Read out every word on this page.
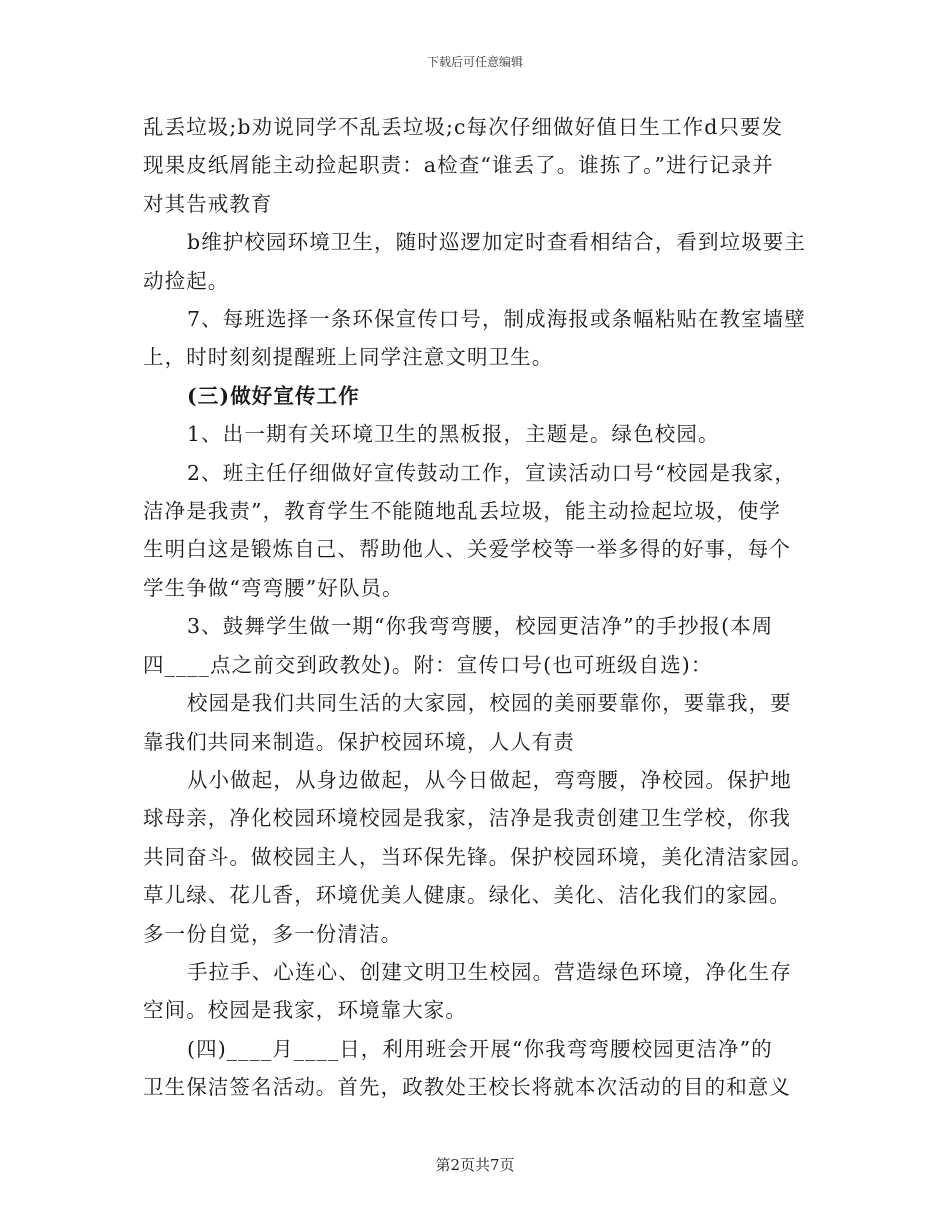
下载后可任意编辑

乱丢垃圾;b劝说同学不乱丢垃圾;c每次仔细做好值日生工作d只要发

现果皮纸屑能主动捡起职责：a检查“谁丢了。谁拣了。”进行记录并

对其告戒教育

b维护校园环境卫生，随时巡逻加定时查看相结合，看到垃圾要主

动捡起。

7、每班选择一条环保宣传口号，制成海报或条幅粘贴在教室墙壁

上，时时刻刻提醒班上同学注意文明卫生。

(三)做好宣传工作

1、出一期有关环境卫生的黑板报，主题是。绿色校园。

2、班主任仔细做好宣传鼓动工作，宣读活动口号“校园是我家，

洁净是我责”，教育学生不能随地乱丢垃圾，能主动捡起垃圾，使学

生明白这是锻炼自己、帮助他人、关爱学校等一举多得的好事，每个

学生争做“弯弯腰”好队员。

3、鼓舞学生做一期“你我弯弯腰，校园更洁净”的手抄报(本周

四____点之前交到政教处)。附：宣传口号(也可班级自选)：

校园是我们共同生活的大家园，校园的美丽要靠你，要靠我，要

靠我们共同来制造。保护校园环境，人人有责

从小做起，从身边做起，从今日做起，弯弯腰，净校园。保护地

球母亲，净化校园环境校园是我家，洁净是我责创建卫生学校，你我

共同奋斗。做校园主人，当环保先锋。保护校园环境，美化清洁家园。

草儿绿、花儿香，环境优美人健康。绿化、美化、洁化我们的家园。

多一份自觉，多一份清洁。

手拉手、心连心、创建文明卫生校园。营造绿色环境，净化生存

空间。校园是我家，环境靠大家。

(四)____月____日，利用班会开展“你我弯弯腰校园更洁净”的

卫生保洁签名活动。首先，政教处王校长将就本次活动的目的和意义

第2页共7页
